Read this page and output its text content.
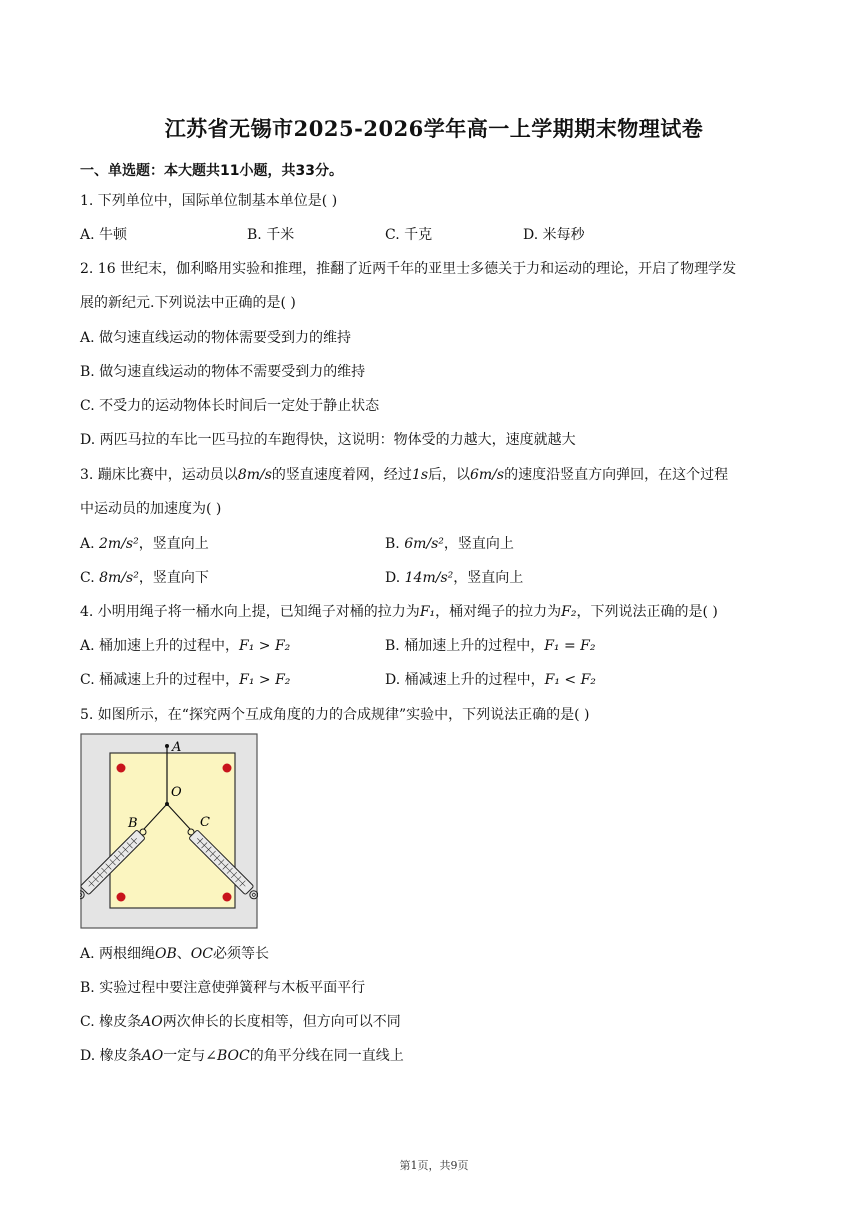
江苏省无锡市2025-2026学年高一上学期期末物理试卷
一、单选题：本大题共11小题，共33分。
1. 下列单位中，国际单位制基本单位是( )
A. 牛顿	B. 千米	C. 千克	D. 米每秒
2. 16 世纪末，伽利略用实验和推理，推翻了近两千年的亚里士多德关于力和运动的理论，开启了物理学发
展的新纪元.下列说法中正确的是( )
A. 做匀速直线运动的物体需要受到力的维持
B. 做匀速直线运动的物体不需要受到力的维持
C. 不受力的运动物体长时间后一定处于静止状态
D. 两匹马拉的车比一匹马拉的车跑得快，这说明：物体受的力越大，速度就越大
3. 蹦床比赛中，运动员以8m/s的竖直速度着网，经过1s后，以6m/s的速度沿竖直方向弹回，在这个过程
中运动员的加速度为( )
A. 2m/s²，竖直向上	B. 6m/s²，竖直向上
C. 8m/s²，竖直向下	D. 14m/s²，竖直向上
4. 小明用绳子将一桶水向上提，已知绳子对桶的拉力为F₁，桶对绳子的拉力为F₂，下列说法正确的是( )
A. 桶加速上升的过程中，F₁ > F₂	B. 桶加速上升的过程中，F₁ = F₂
C. 桶减速上升的过程中，F₁ > F₂	D. 桶减速上升的过程中，F₁ < F₂
5. 如图所示，在“探究两个互成角度的力的合成规律”实验中，下列说法正确的是( )
A
O
B	C
A. 两根细绳OB、OC必须等长
B. 实验过程中要注意使弹簧秤与木板平面平行
C. 橡皮条AO两次伸长的长度相等，但方向可以不同
D. 橡皮条AO一定与∠BOC的角平分线在同一直线上
第1页，共9页
